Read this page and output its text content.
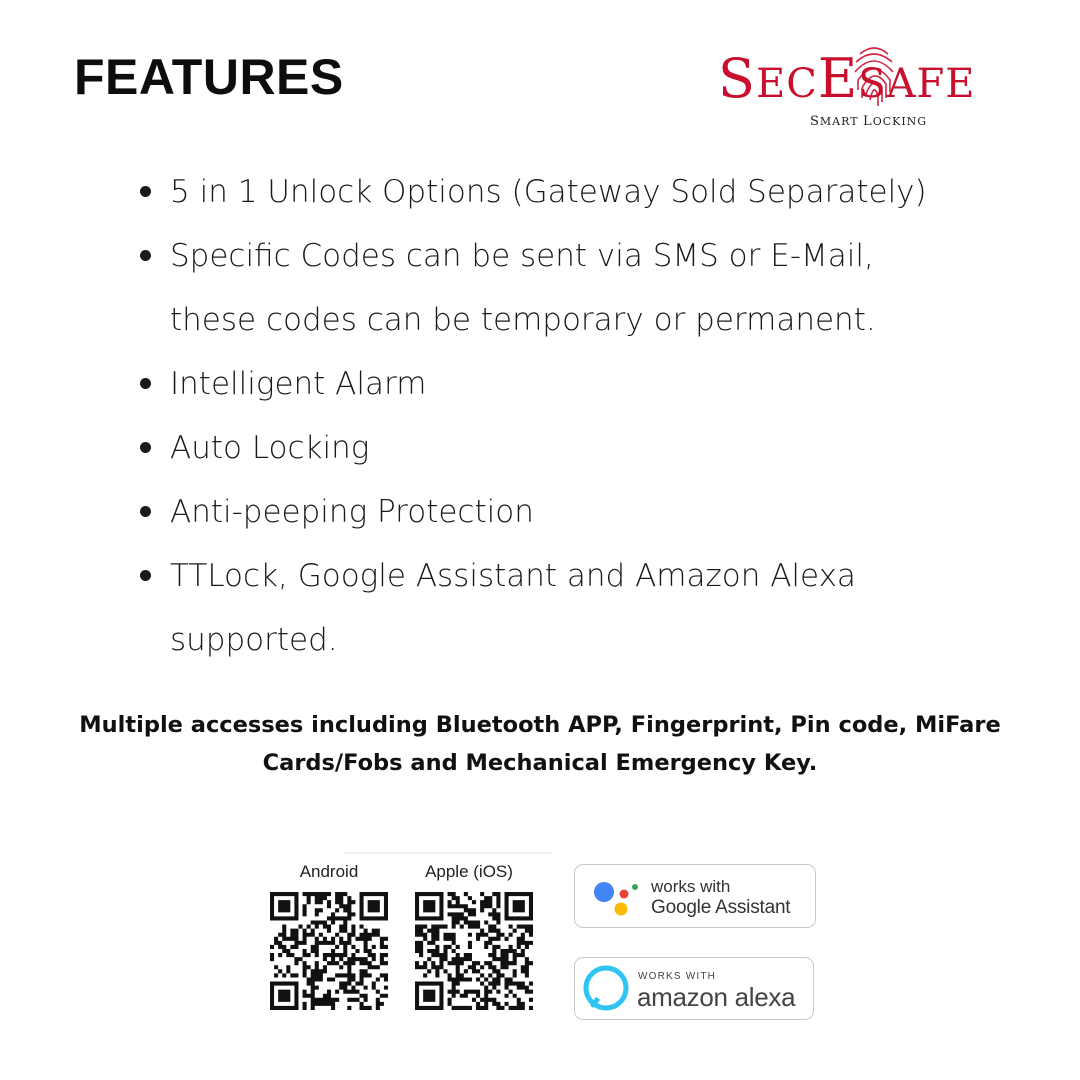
FEATURES	SECESAFE
SMART LOCKING
5 in 1 Unlock Options (Gateway Sold Separately)
Specific Codes can be sent via SMS or E-Mail,
these codes can be temporary or permanent.
Intelligent Alarm
Auto Locking
Anti-peeping Protection
TTLock, Google Assistant and Amazon Alexa
supported.
Multiple accesses including Bluetooth APP, Fingerprint, Pin code, MiFare
Cards/Fobs and Mechanical Emergency Key.
Android	Apple (iOS)
works with
Google Assistant
WORKS WITH
amazon alexa
